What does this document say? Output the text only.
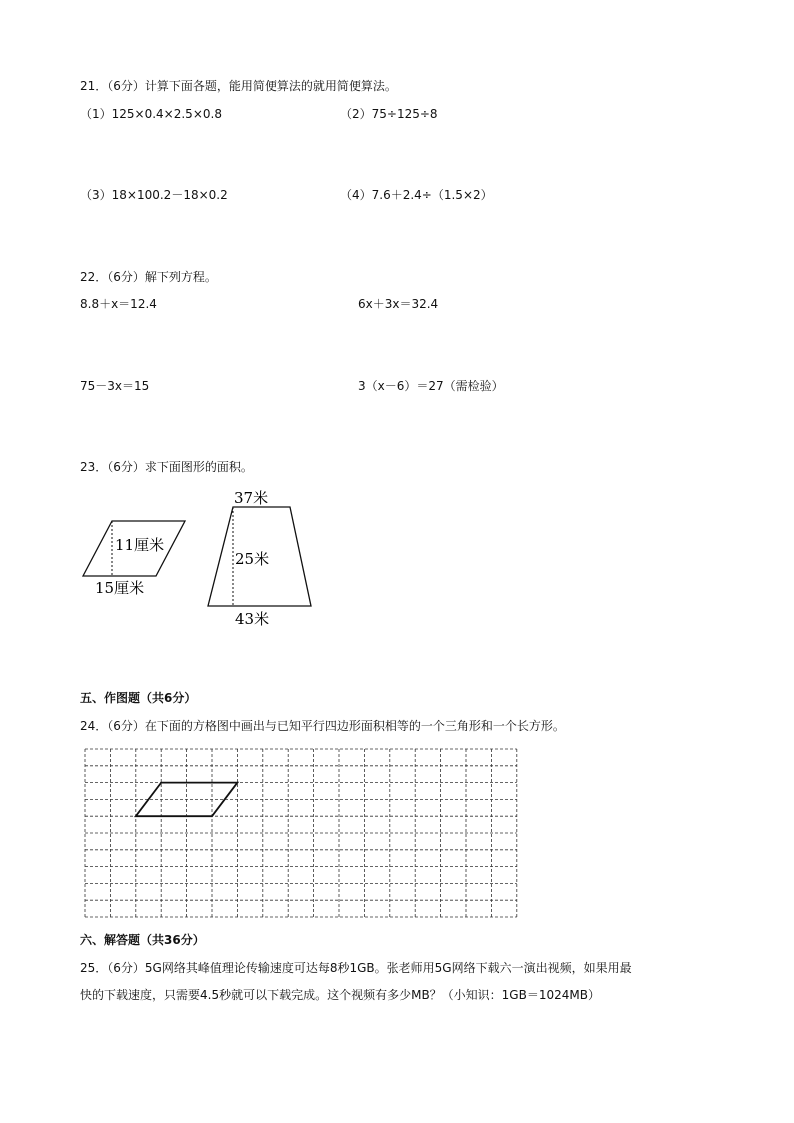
21．（6分）计算下面各题，能用简便算法的就用简便算法。
（1）125×0.4×2.5×0.8	（2）75÷125÷8
（3）18×100.2－18×0.2	（4）7.6＋2.4÷（1.5×2）
22．（6分）解下列方程。
8.8＋x＝12.4	6x＋3x＝32.4
75－3x＝15	3（x－6）＝27（需检验）
23．（6分）求下面图形的面积。
11厘米
15厘米
37米
25米
43米
五、作图题（共6分）
24．（6分）在下面的方格图中画出与已知平行四边形面积相等的一个三角形和一个长方形。
六、解答题（共36分）
25．（6分）5G网络其峰值理论传输速度可达每8秒1GB。张老师用5G网络下载六一演出视频，如果用最
快的下载速度，只需要4.5秒就可以下载完成。这个视频有多少MB？（小知识：1GB＝1024MB）
